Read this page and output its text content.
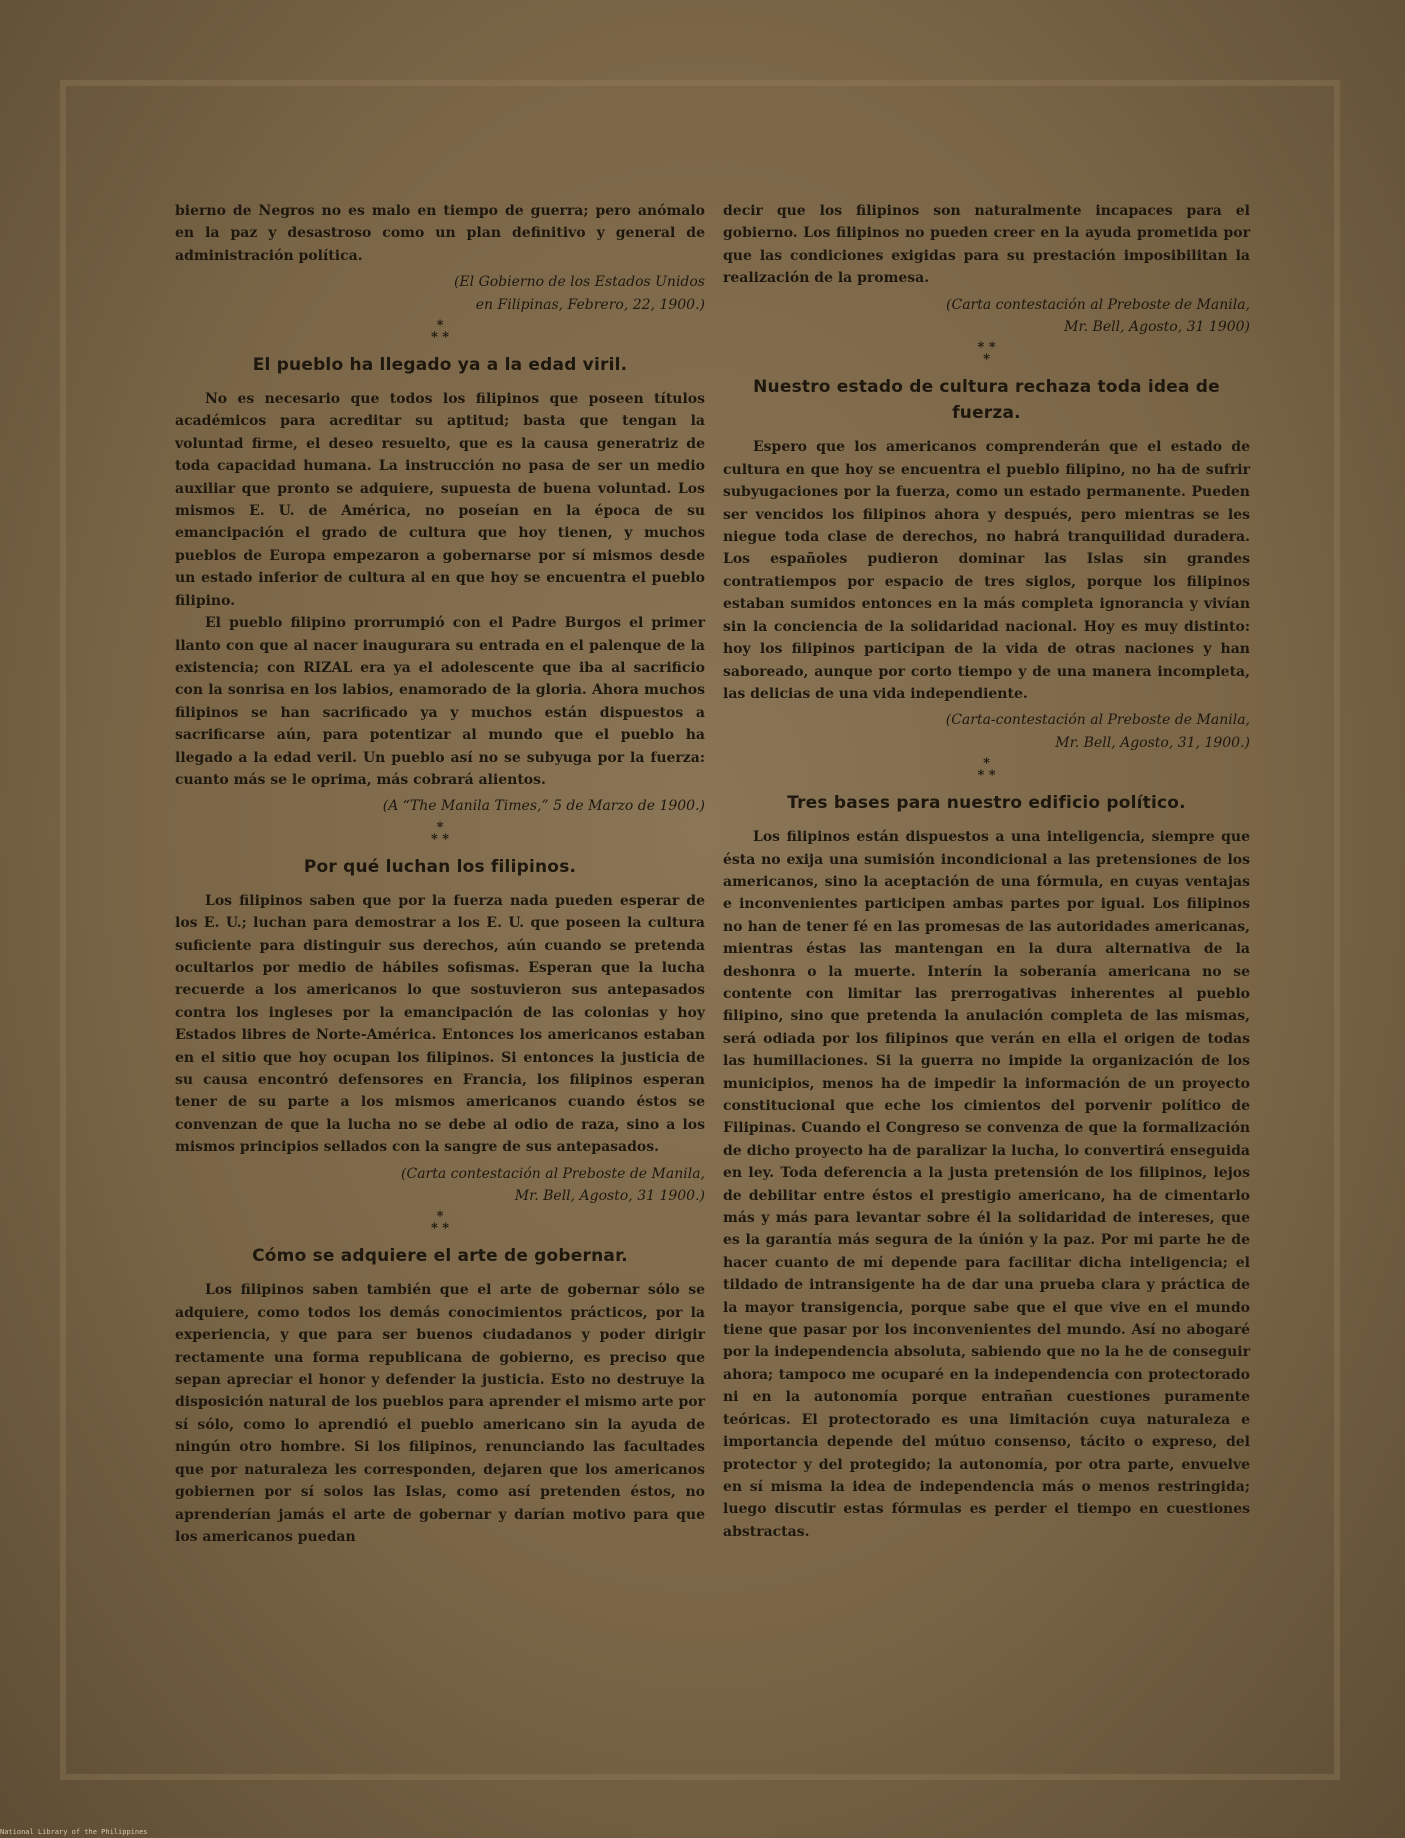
bierno de Negros no es malo en tiempo de guerra; pero anómalo en la paz y desastroso como un plan definitivo y general de administración política.

(El Gobierno de los Estados Unidos
en Filipinas, Febrero, 22, 1900.)
*
* *
El pueblo ha llegado ya a la edad viril.

No es necesario que todos los filipinos que poseen títulos académicos para acreditar su aptitud; basta que tengan la voluntad firme, el deseo resuelto, que es la causa generatriz de toda capacidad humana. La instrucción no pasa de ser un medio auxiliar que pronto se adquiere, supuesta de buena voluntad. Los mismos E. U. de América, no poseían en la época de su emancipación el grado de cultura que hoy tienen, y muchos pueblos de Europa empezaron a gobernarse por sí mismos desde un estado inferior de cultura al en que hoy se encuentra el pueblo filipino.

El pueblo filipino prorrumpió con el Padre Burgos el primer llanto con que al nacer inaugurara su entrada en el palenque de la existencia; con RIZAL era ya el adolescente que iba al sacrificio con la sonrisa en los labios, enamorado de la gloria. Ahora muchos filipinos se han sacrificado ya y muchos están dispuestos a sacrificarse aún, para potentizar al mundo que el pueblo ha llegado a la edad veril. Un pueblo así no se subyuga por la fuerza: cuanto más se le oprima, más cobrará alientos.

(A “The Manila Times,” 5 de Marzo de 1900.)
*
* *
Por qué luchan los filipinos.

Los filipinos saben que por la fuerza nada pueden esperar de los E. U.; luchan para demostrar a los E. U. que poseen la cultura suficiente para distinguir sus derechos, aún cuando se pretenda ocultarlos por medio de hábiles sofismas. Esperan que la lucha recuerde a los americanos lo que sostuvieron sus antepasados contra los ingleses por la emancipación de las colonias y hoy Estados libres de Norte-América. Entonces los americanos estaban en el sitio que hoy ocupan los filipinos. Si entonces la justicia de su causa encontró defensores en Francia, los filipinos esperan tener de su parte a los mismos americanos cuando éstos se convenzan de que la lucha no se debe al odio de raza, sino a los mismos principios sellados con la sangre de sus antepasados.

(Carta contestación al Preboste de Manila,
Mr. Bell, Agosto, 31 1900.)
*
* *
Cómo se adquiere el arte de gobernar.

Los filipinos saben también que el arte de gobernar sólo se adquiere, como todos los demás conocimientos prácticos, por la experiencia, y que para ser buenos ciudadanos y poder dirigir rectamente una forma republicana de gobierno, es preciso que sepan apreciar el honor y defender la justicia. Esto no destruye la disposición natural de los pueblos para aprender el mismo arte por sí sólo, como lo aprendió el pueblo americano sin la ayuda de ningún otro hombre. Si los filipinos, renunciando las facultades que por naturaleza les corresponden, dejaren que los americanos gobiernen por sí solos las Islas, como así pretenden éstos, no aprenderían jamás el arte de gobernar y darían motivo para que los americanos puedan

decir que los filipinos son naturalmente incapaces para el gobierno. Los filipinos no pueden creer en la ayuda prometida por que las condiciones exigidas para su prestación imposibilitan la realización de la promesa.

(Carta contestación al Preboste de Manila,
Mr. Bell, Agosto, 31 1900)
* *
*
Nuestro estado de cultura rechaza toda idea de fuerza.

Espero que los americanos comprenderán que el estado de cultura en que hoy se encuentra el pueblo filipino, no ha de sufrir subyugaciones por la fuerza, como un estado permanente. Pueden ser vencidos los filipinos ahora y después, pero mientras se les niegue toda clase de derechos, no habrá tranquilidad duradera. Los españoles pudieron dominar las Islas sin grandes contratiempos por espacio de tres siglos, porque los filipinos estaban sumidos entonces en la más completa ignorancia y vivían sin la conciencia de la solidaridad nacional. Hoy es muy distinto: hoy los filipinos participan de la vida de otras naciones y han saboreado, aunque por corto tiempo y de una manera incompleta, las delicias de una vida independiente.

(Carta-contestación al Preboste de Manila,
Mr. Bell, Agosto, 31, 1900.)
*
* *
Tres bases para nuestro edificio político.

Los filipinos están dispuestos a una inteligencia, siempre que ésta no exija una sumisión incondicional a las pretensiones de los americanos, sino la aceptación de una fórmula, en cuyas ventajas e inconvenientes participen ambas partes por igual. Los filipinos no han de tener fé en las promesas de las autoridades americanas, mientras éstas las mantengan en la dura alternativa de la deshonra o la muerte. Interín la soberanía americana no se contente con limitar las prerrogativas inherentes al pueblo filipino, sino que pretenda la anulación completa de las mismas, será odiada por los filipinos que verán en ella el origen de todas las humillaciones. Si la guerra no impide la organización de los municipios, menos ha de impedir la información de un proyecto constitucional que eche los cimientos del porvenir político de Filipinas. Cuando el Congreso se convenza de que la formalización de dicho proyecto ha de paralizar la lucha, lo convertirá enseguida en ley. Toda deferencia a la justa pretensión de los filipinos, lejos de debilitar entre éstos el prestigio americano, ha de cimentarlo más y más para levantar sobre él la solidaridad de intereses, que es la garantía más segura de la únión y la paz. Por mi parte he de hacer cuanto de mí depende para facilitar dicha inteligencia; el tildado de intransigente ha de dar una prueba clara y práctica de la mayor transigencia, porque sabe que el que vive en el mundo tiene que pasar por los inconvenientes del mundo. Así no abogaré por la independencia absoluta, sabiendo que no la he de conseguir ahora; tampoco me ocuparé en la independencia con protectorado ni en la autonomía porque entrañan cuestiones puramente teóricas. El protectorado es una limitación cuya naturaleza e importancia depende del mútuo consenso, tácito o expreso, del protector y del protegido; la autonomía, por otra parte, envuelve en sí misma la idea de independencia más o menos restringida; luego discutir estas fórmulas es perder el tiempo en cuestiones abstractas.

National Library of the Philippines
